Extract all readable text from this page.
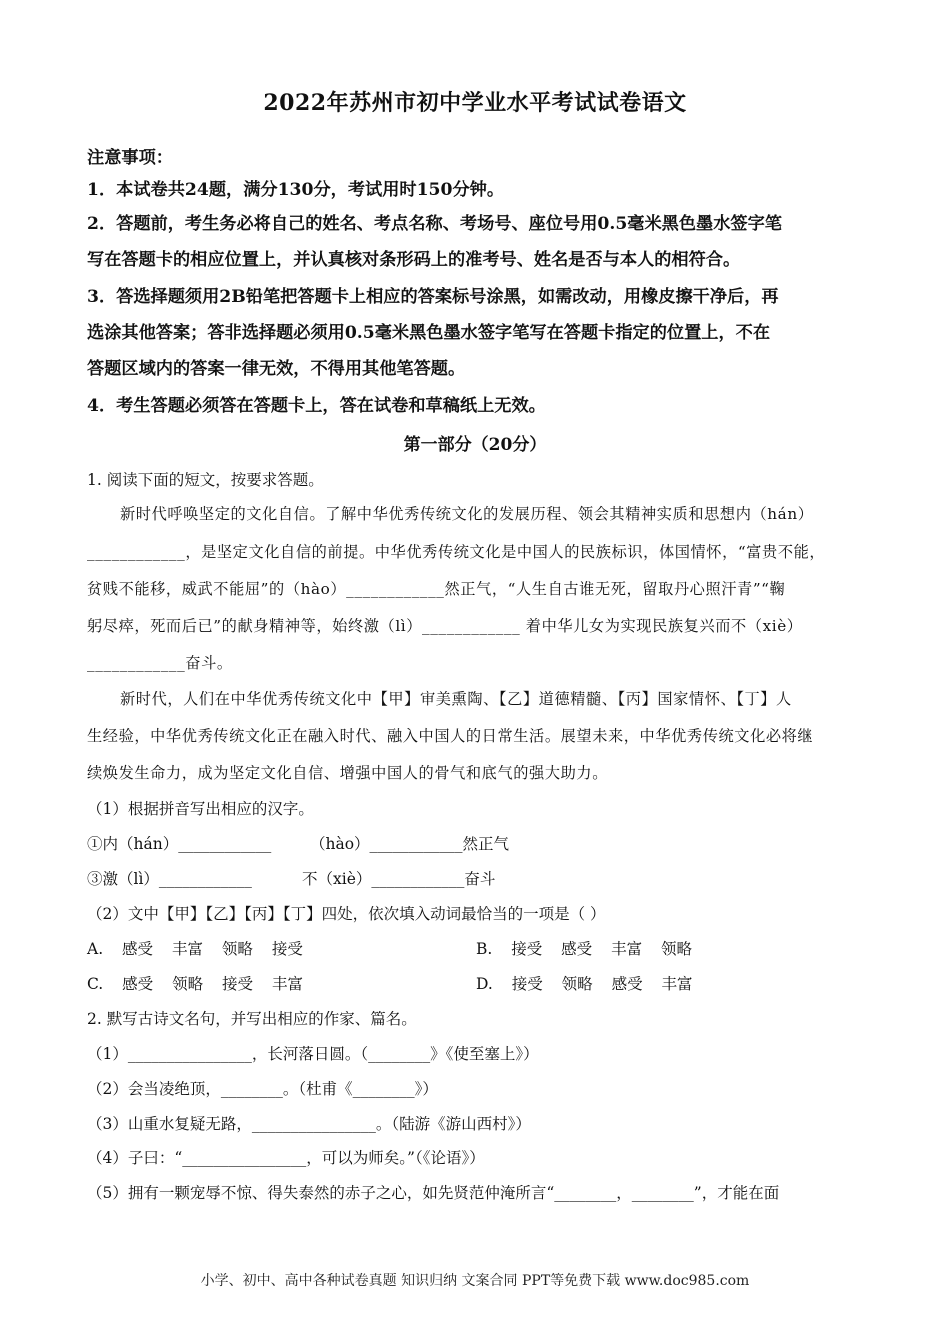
2022年苏州市初中学业水平考试试卷语文
注意事项：
1．本试卷共24题，满分130分，考试用时150分钟。
2．答题前，考生务必将自己的姓名、考点名称、考场号、座位号用0.5毫米黑色墨水签字笔
写在答题卡的相应位置上，并认真核对条形码上的准考号、姓名是否与本人的相符合。
3．答选择题须用2B铅笔把答题卡上相应的答案标号涂黑，如需改动，用橡皮擦干净后，再
选涂其他答案；答非选择题必须用0.5毫米黑色墨水签字笔写在答题卡指定的位置上，不在
答题区域内的答案一律无效，不得用其他笔答题。
4．考生答题必须答在答题卡上，答在试卷和草稿纸上无效。
第一部分（20分）
1. 阅读下面的短文，按要求答题。
新时代呼唤坚定的文化自信。了解中华优秀传统文化的发展历程、领会其精神实质和思想内（hán）
____________，是坚定文化自信的前提。中华优秀传统文化是中国人的民族标识，体国情怀，“富贵不能，
贫贱不能移，威武不能屈”的（hào）____________然正气，“人生自古谁无死，留取丹心照汗青”“鞠
躬尽瘁，死而后已”的献身精神等，始终激（lì）____________ 着中华儿女为实现民族复兴而不（xiè）
____________奋斗。
新时代，人们在中华优秀传统文化中【甲】审美熏陶、【乙】道德精髓、【丙】国家情怀、【丁】人
生经验，中华优秀传统文化正在融入时代、融入中国人的日常生活。展望未来，中华优秀传统文化必将继
续焕发生命力，成为坚定文化自信、增强中国人的骨气和底气的强大助力。
（1）根据拼音写出相应的汉字。
①内（hán）____________	（hào）____________然正气
③激（lì）____________	不（xiè）____________奋斗
（2）文中【甲】【乙】【丙】【丁】四处，依次填入动词最恰当的一项是（ ）
A. 感受 丰富 领略 接受	B. 接受 感受 丰富 领略
C. 感受 领略 接受 丰富	D. 接受 领略 感受 丰富
2. 默写古诗文名句，并写出相应的作家、篇名。
（1）________________，长河落日圆。（________》《使至塞上》）
（2）会当凌绝顶，________。（杜甫《________》）
（3）山重水复疑无路，________________。（陆游《游山西村》）
（4）子曰：“________________，可以为师矣。”（《论语》）
（5）拥有一颗宠辱不惊、得失泰然的赤子之心，如先贤范仲淹所言“________，________”，才能在面
小学、初中、高中各种试卷真题 知识归纳 文案合同 PPT等免费下载 www.doc985.com
